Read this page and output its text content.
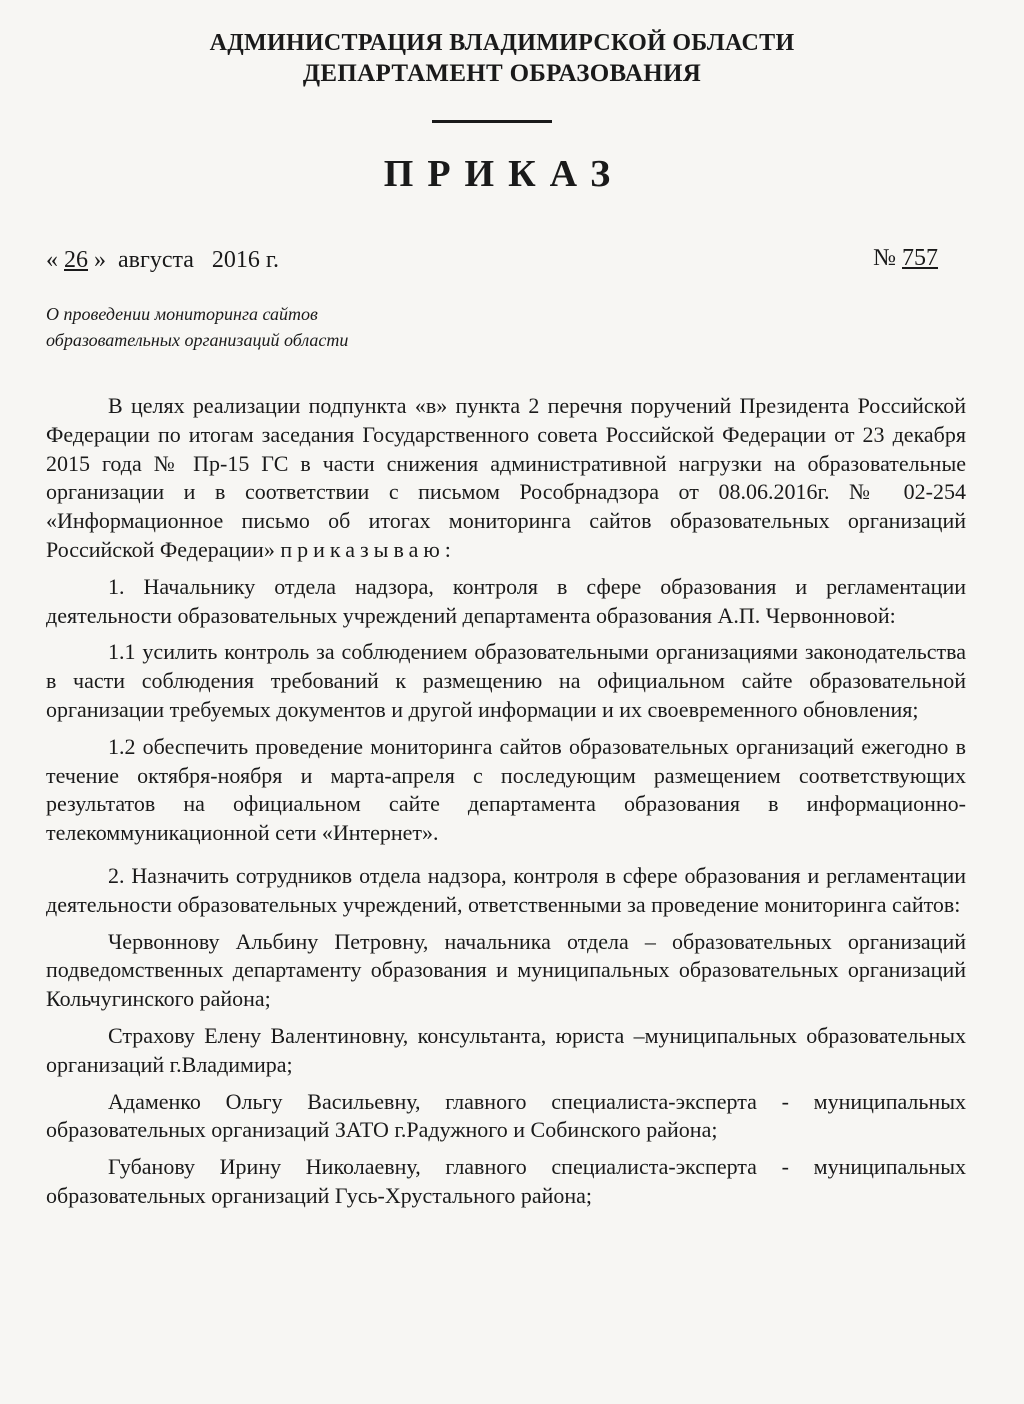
АДМИНИСТРАЦИЯ ВЛАДИМИРСКОЙ ОБЛАСТИ
ДЕПАРТАМЕНТ ОБРАЗОВАНИЯ
ПРИКАЗ
« 26 » августа   2016 г.	№ 757
О проведении мониторинга сайтов
образовательных организаций области

В целях реализации подпункта «в» пункта 2 перечня поручений Президента Российской Федерации по итогам заседания Государственного совета Российской Федерации от 23 декабря 2015 года № Пр-15 ГС в части снижения административной нагрузки на образовательные организации и в соответствии с письмом Рособрнадзора от 08.06.2016г. № 02-254 «Информационное письмо об итогах мониторинга сайтов образовательных организаций Российской Федерации» приказываю:

1. Начальнику отдела надзора, контроля в сфере образования и регламентации деятельности образовательных учреждений департамента образования А.П. Червонновой:

1.1 усилить контроль за соблюдением образовательными организациями законодательства в части соблюдения требований к размещению на официальном сайте образовательной организации требуемых документов и другой информации и их своевременного обновления;

1.2 обеспечить проведение мониторинга сайтов образовательных организаций ежегодно в течение октября-ноября и марта-апреля с последующим размещением соответствующих результатов на официальном сайте департамента образования в информационно-телекоммуникационной сети «Интернет».

2. Назначить сотрудников отдела надзора, контроля в сфере образования и регламентации деятельности образовательных учреждений, ответственными за проведение мониторинга сайтов:

Червоннову Альбину Петровну, начальника отдела – образовательных организаций подведомственных департаменту образования и муниципальных образовательных организаций Кольчугинского района;

Страхову Елену Валентиновну, консультанта, юриста –муниципальных образовательных организаций г.Владимира;

Адаменко Ольгу Васильевну, главного специалиста-эксперта - муниципальных образовательных организаций ЗАТО г.Радужного и Собинского района;

Губанову Ирину Николаевну, главного специалиста-эксперта - муниципальных образовательных организаций Гусь-Хрустального района;
